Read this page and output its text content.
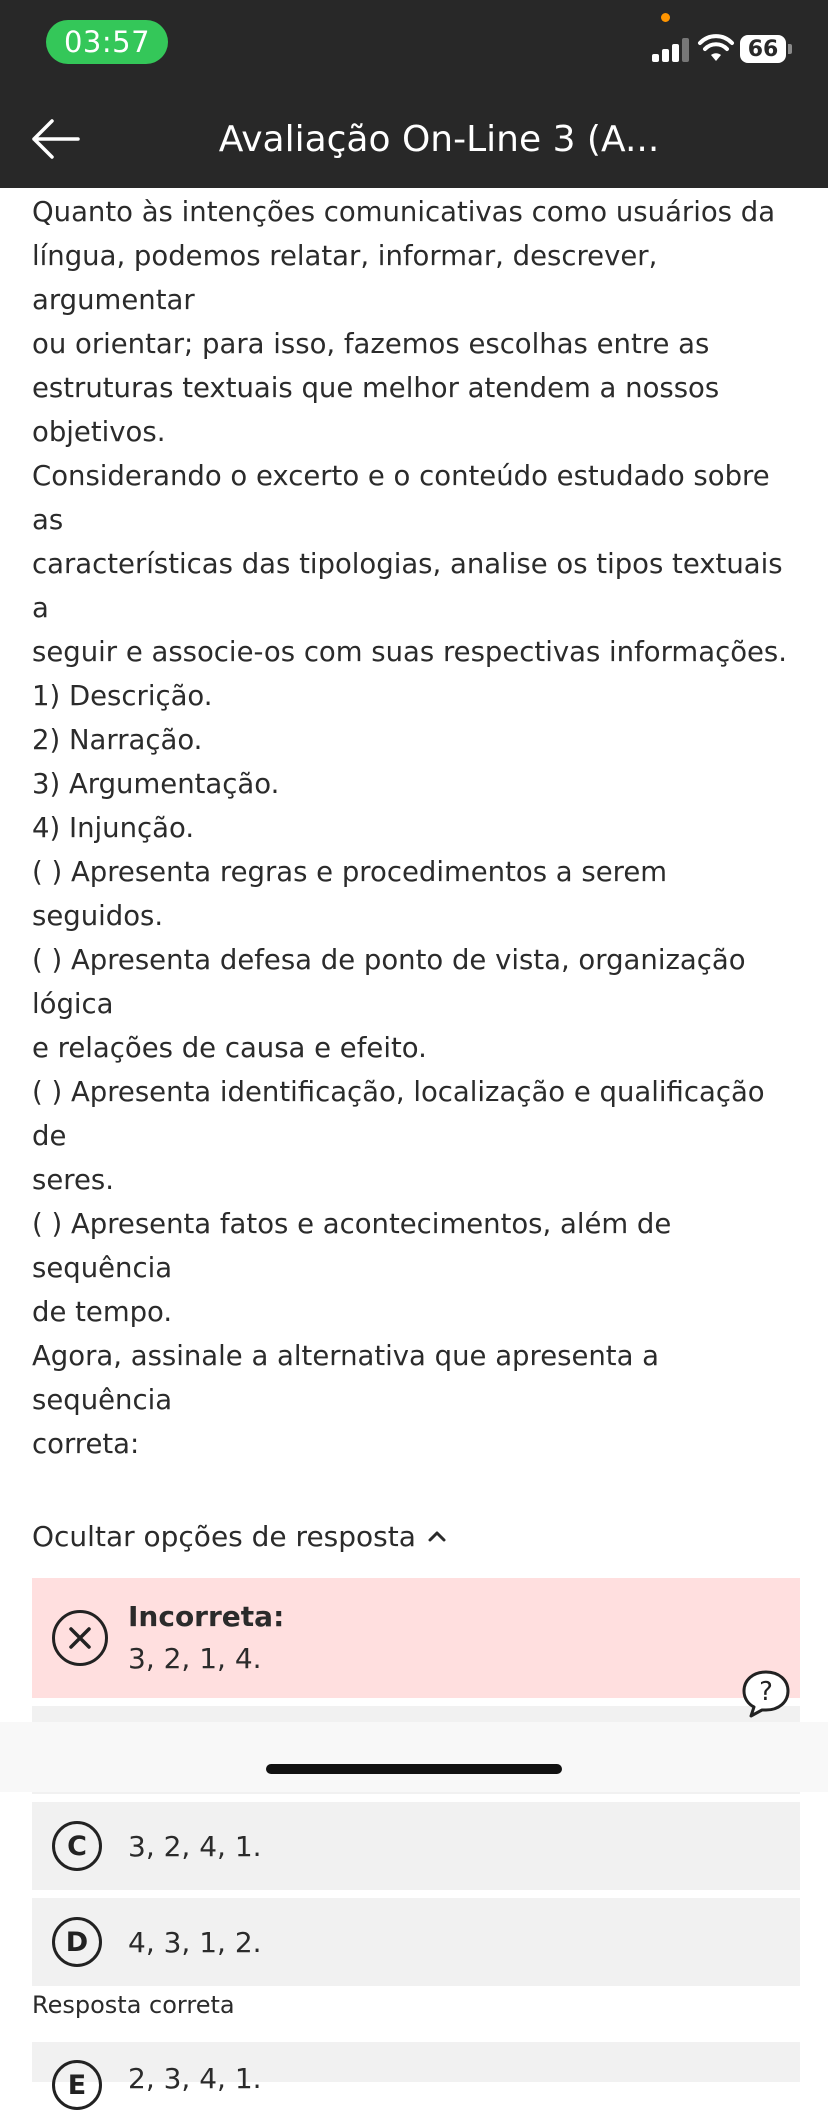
03:57	66
Avaliação On-Line 3 (A...

Quanto às intenções comunicativas como usuários da

língua, podemos relatar, informar, descrever, argumentar

ou orientar; para isso, fazemos escolhas entre as

estruturas textuais que melhor atendem a nossos

objetivos.

Considerando o excerto e o conteúdo estudado sobre as

características das tipologias, analise os tipos textuais a

seguir e associe-os com suas respectivas informações.

1) Descrição.

2) Narração.

3) Argumentação.

4) Injunção.

( ) Apresenta regras e procedimentos a serem seguidos.

( ) Apresenta defesa de ponto de vista, organização lógica

e relações de causa e efeito.

( ) Apresenta identificação, localização e qualificação de

seres.

( ) Apresenta fatos e acontecimentos, além de sequência

de tempo.

Agora, assinale a alternativa que apresenta a sequência

correta:

Ocultar opções de resposta
Incorreta:
3, 2, 1, 4.
C	3, 2, 4, 1.
D	4, 3, 1, 2.
Resposta correta
E	2, 3, 4, 1.
?
